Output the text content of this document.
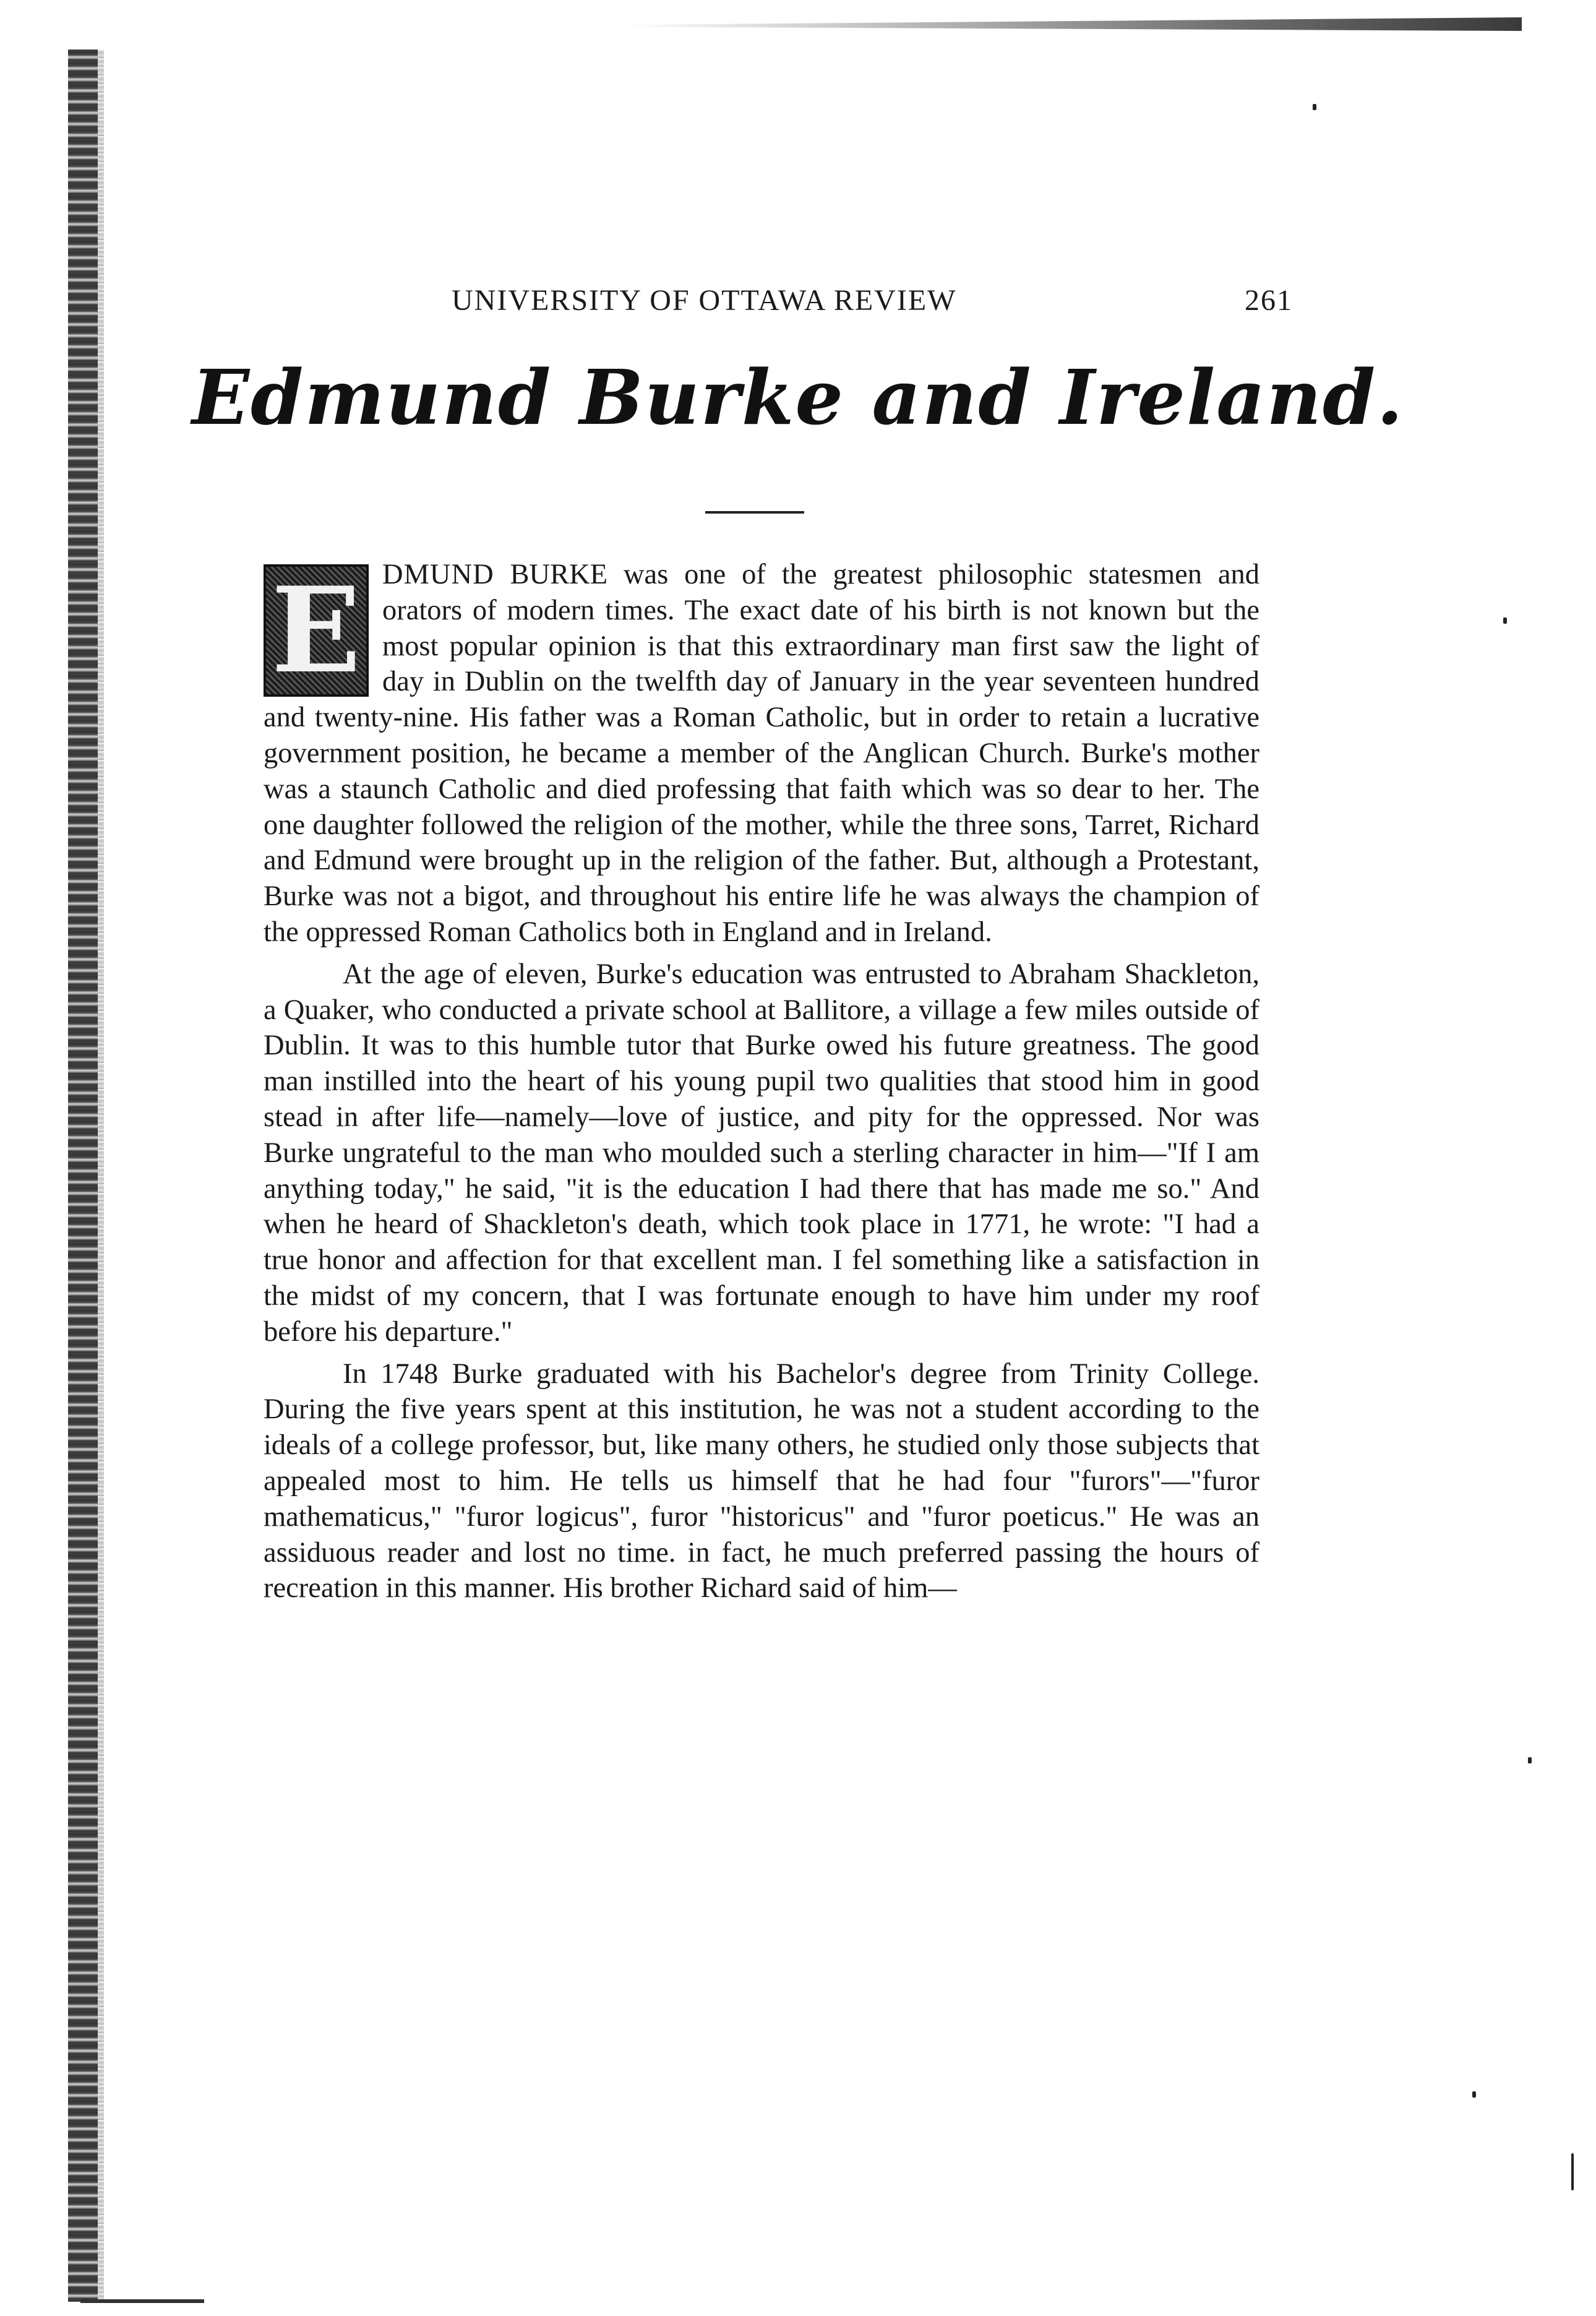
UNIVERSITY OF OTTAWA REVIEW	261
Edmund Burke and Ireland.

E DMUND BURKE was one of the greatest philosophic statesmen and orators of modern times. The exact date of his birth is not known but the most popular opinion is that this extraordinary man first saw the light of day in Dublin on the twelfth day of January in the year seventeen hundred and twenty-nine. His father was a Roman Catholic, but in order to retain a lucrative government position, he became a member of the Anglican Church. Burke's mother was a staunch Catholic and died professing that faith which was so dear to her. The one daughter followed the religion of the mother, while the three sons, Tarret, Richard and Edmund were brought up in the religion of the father. But, although a Protestant, Burke was not a bigot, and throughout his entire life he was always the champion of the oppressed Roman Catholics both in England and in Ireland.

At the age of eleven, Burke's education was entrusted to Abraham Shackleton, a Quaker, who conducted a private school at Ballitore, a village a few miles outside of Dublin. It was to this humble tutor that Burke owed his future greatness. The good man instilled into the heart of his young pupil two qualities that stood him in good stead in after life—namely—love of justice, and pity for the oppressed. Nor was Burke ungrateful to the man who moulded such a sterling character in him—"If I am anything today," he said, "it is the education I had there that has made me so." And when he heard of Shackleton's death, which took place in 1771, he wrote: "I had a true honor and affection for that excellent man. I fel something like a satisfaction in the midst of my concern, that I was fortunate enough to have him under my roof before his departure."

In 1748 Burke graduated with his Bachelor's degree from Trinity College. During the five years spent at this institution, he was not a student according to the ideals of a college professor, but, like many others, he studied only those subjects that appealed most to him. He tells us himself that he had four "furors"—"furor mathematicus," "furor logicus", furor "historicus" and "furor poeticus." He was an assiduous reader and lost no time. in fact, he much preferred passing the hours of recreation in this manner. His brother Richard said of him—
